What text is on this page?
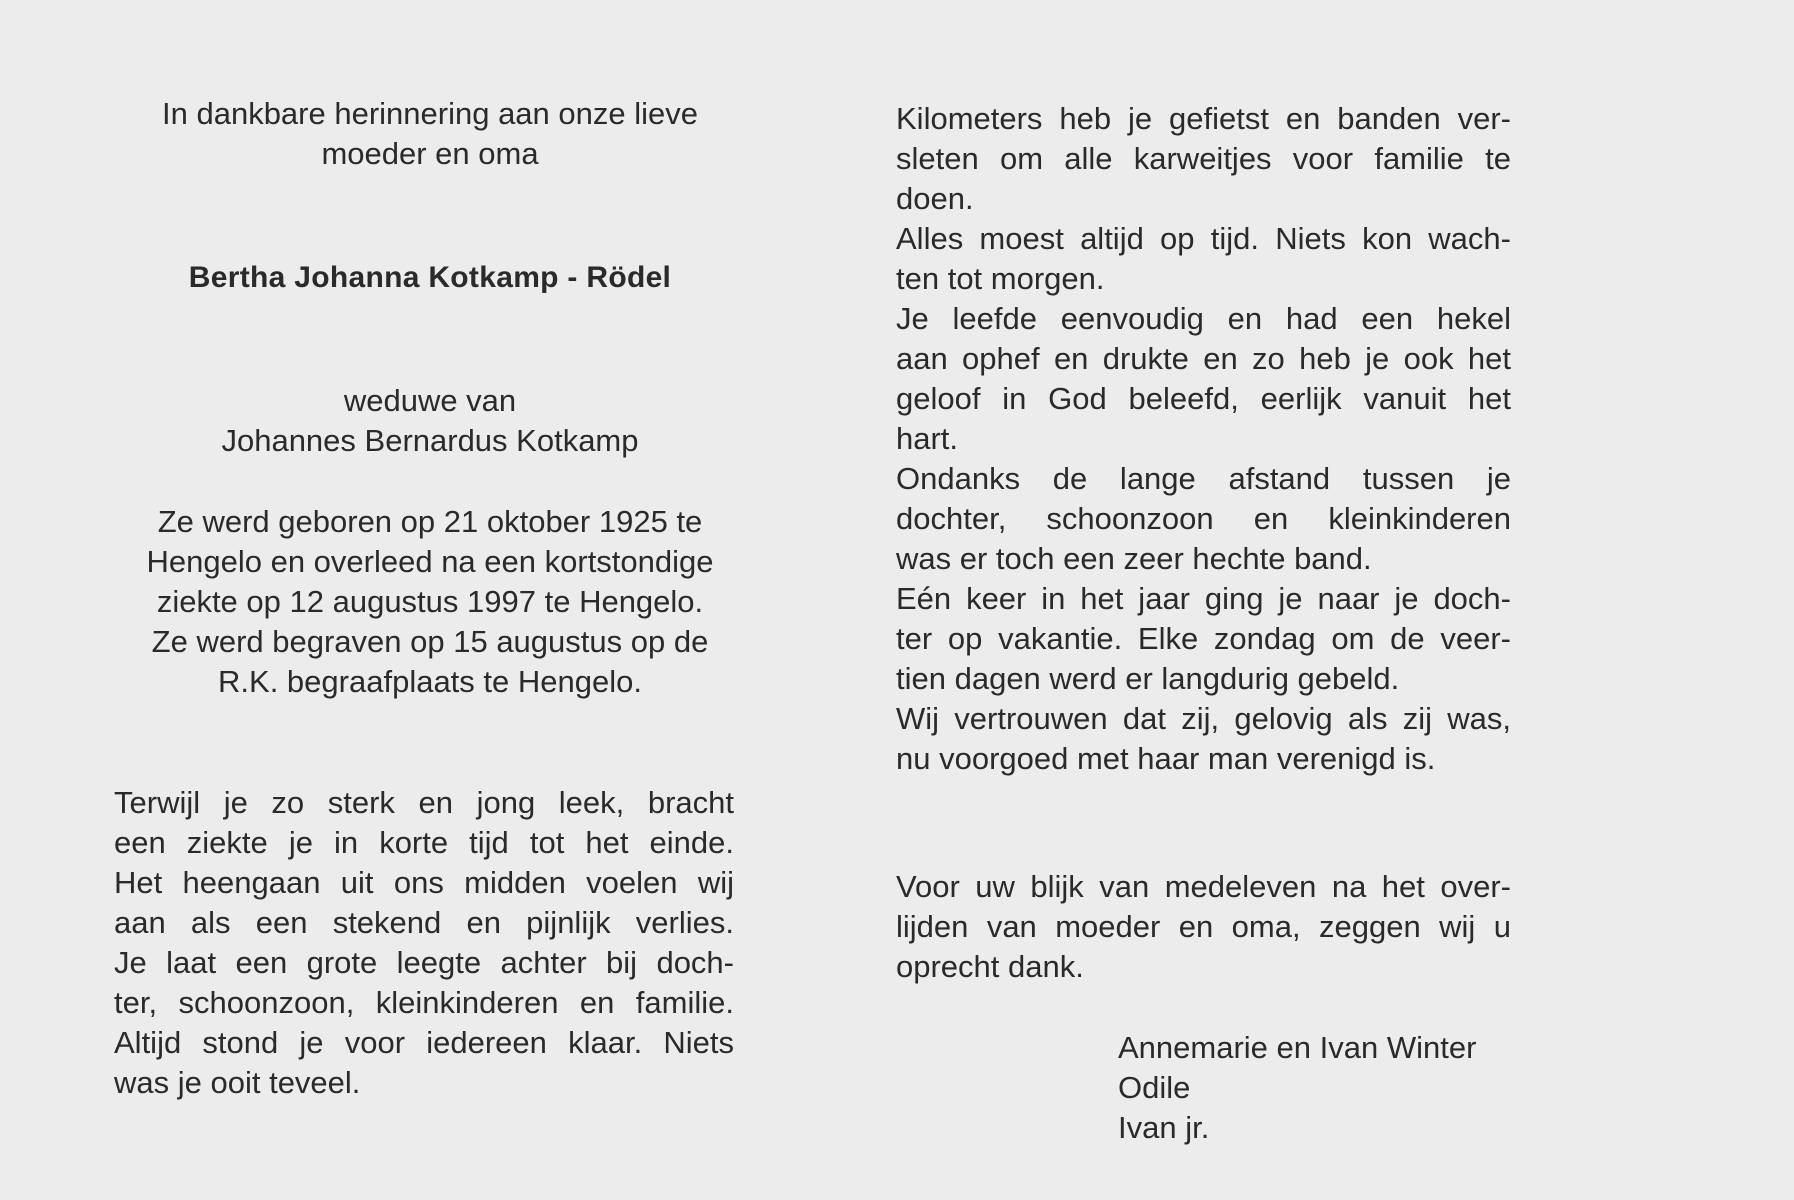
In dankbare herinnering aan onze lieve

moeder en oma

Bertha Johanna Kotkamp - Rödel

weduwe van

Johannes Bernardus Kotkamp

Ze werd geboren op 21 oktober 1925 te

Hengelo en overleed na een kortstondige

ziekte op 12 augustus 1997 te Hengelo.

Ze werd begraven op 15 augustus op de

R.K. begraafplaats te Hengelo.

Terwijl je zo sterk en jong leek, bracht

een ziekte je in korte tijd tot het einde.

Het heengaan uit ons midden voelen wij

aan als een stekend en pijnlijk verlies.

Je laat een grote leegte achter bij doch-

ter, schoonzoon, kleinkinderen en familie.

Altijd stond je voor iedereen klaar. Niets

was je ooit teveel.

Kilometers heb je gefietst en banden ver-

sleten om alle karweitjes voor familie te

doen.

Alles moest altijd op tijd. Niets kon wach-

ten tot morgen.

Je leefde eenvoudig en had een hekel

aan ophef en drukte en zo heb je ook het

geloof in God beleefd, eerlijk vanuit het

hart.

Ondanks de lange afstand tussen je

dochter, schoonzoon en kleinkinderen

was er toch een zeer hechte band.

Eén keer in het jaar ging je naar je doch-

ter op vakantie. Elke zondag om de veer-

tien dagen werd er langdurig gebeld.

Wij vertrouwen dat zij, gelovig als zij was,

nu voorgoed met haar man verenigd is.

Voor uw blijk van medeleven na het over-

lijden van moeder en oma, zeggen wij u

oprecht dank.

Annemarie en Ivan Winter

Odile

Ivan jr.
